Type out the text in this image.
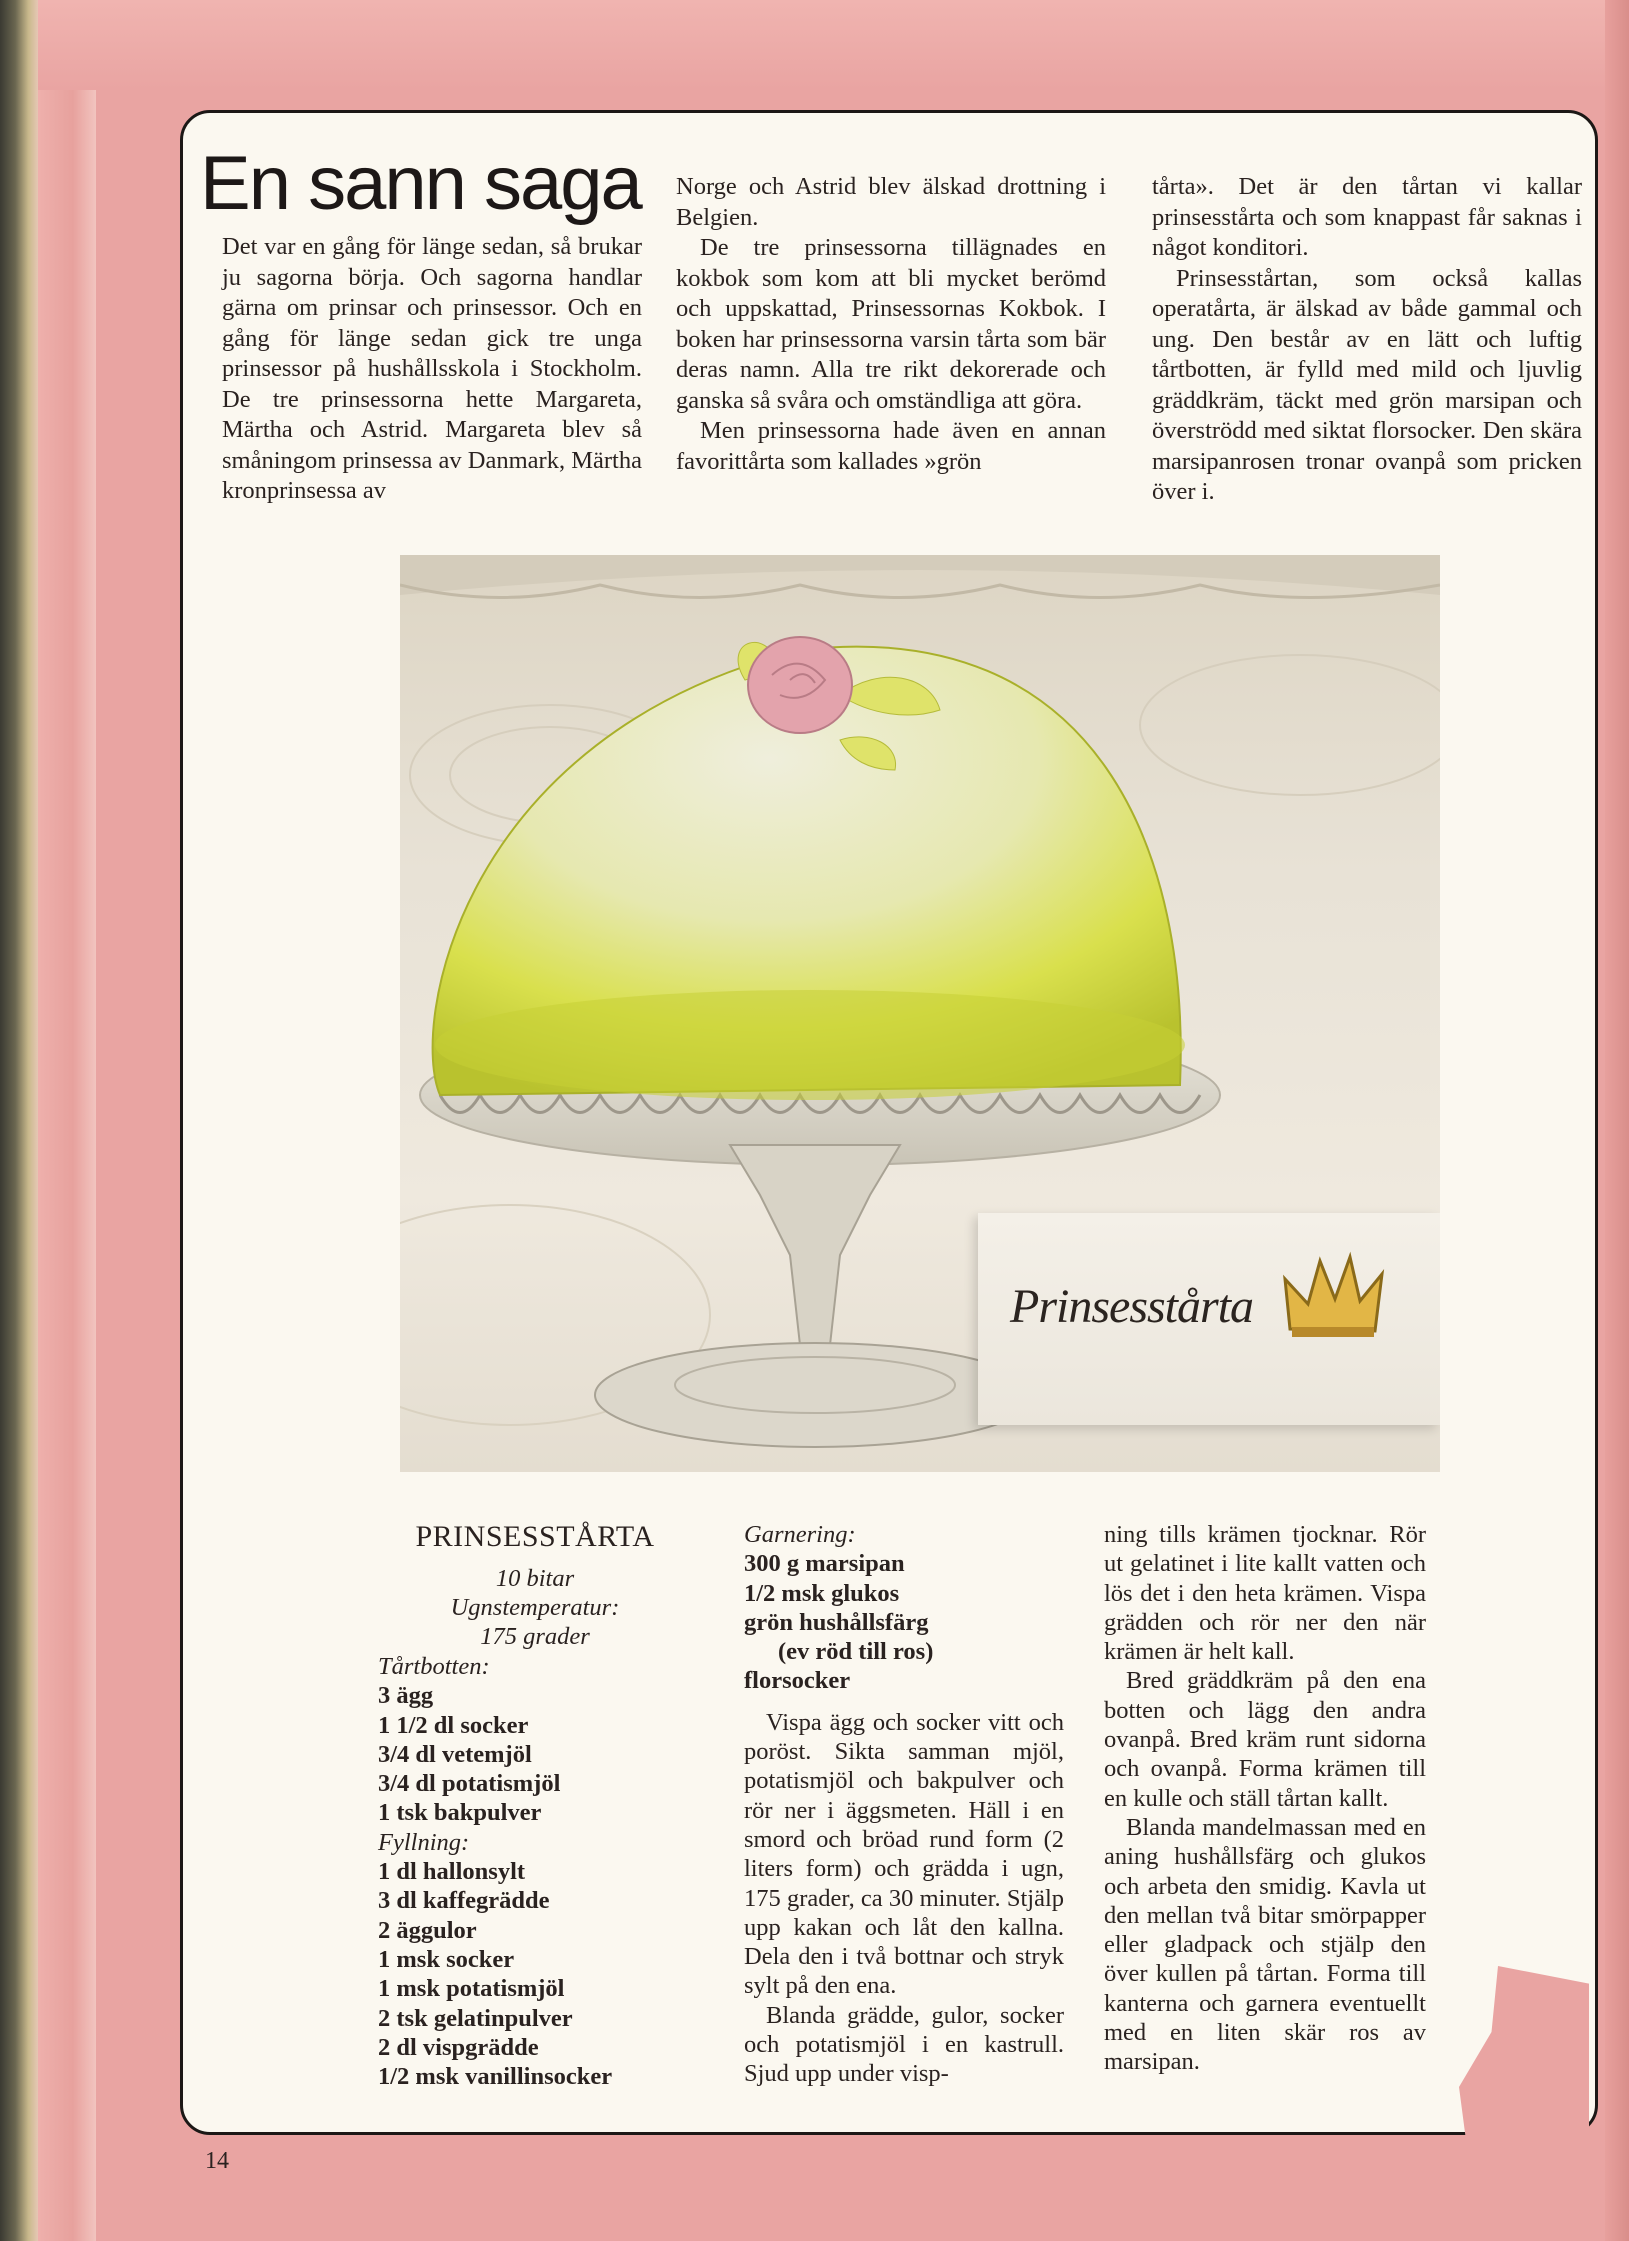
En sann saga

Det var en gång för länge sedan, så brukar ju sagorna börja. Och sagorna handlar gärna om prinsar och prinsessor. Och en gång för länge sedan gick tre unga prinsessor på hushållsskola i Stockholm. De tre prinsessorna hette Margareta, Märtha och Astrid. Margareta blev så småningom prinsessa av Danmark, Märtha kronprinsessa av

Norge och Astrid blev älskad drottning i Belgien.

De tre prinsessorna tillägnades en kokbok som kom att bli mycket berömd och uppskattad, Prinsessornas Kokbok. I boken har prinsessorna varsin tårta som bär deras namn. Alla tre rikt dekorerade och ganska så svåra och omständliga att göra.

Men prinsessorna hade även en annan favorittårta som kallades »grön

tårta». Det är den tårtan vi kallar prinsesstårta och som knappast får saknas i något konditori.

Prinsesstårtan, som också kallas operatårta, är älskad av både gammal och ung. Den består av en lätt och luftig tårtbotten, är fylld med mild och ljuvlig gräddkräm, täckt med grön marsipan och överströdd med siktat florsocker. Den skära marsipanrosen tronar ovanpå som pricken över i.

Prinsesstårta
PRINSESSTÅRTA

10 bitar

Ugnstemperatur:

175 grader

Tårtbotten:
3 ägg
1 1/2 dl socker
3/4 dl vetemjöl
3/4 dl potatismjöl
1 tsk bakpulver
Fyllning:
1 dl hallonsylt
3 dl kaffegrädde
2 äggulor
1 msk socker
1 msk potatismjöl
2 tsk gelatinpulver
2 dl vispgrädde
1/2 msk vanillinsocker
Garnering:
300 g marsipan
1/2 msk glukos
grön hushållsfärg
(ev röd till ros)
florsocker

Vispa ägg och socker vitt och poröst. Sikta samman mjöl, potatismjöl och bakpulver och rör ner i äggsmeten. Häll i en smord och bröad rund form (2 liters form) och grädda i ugn, 175 grader, ca 30 minuter. Stjälp upp kakan och låt den kallna. Dela den i två bottnar och stryk sylt på den ena.

Blanda grädde, gulor, socker och potatismjöl i en kastrull. Sjud upp under visp-

ning tills krämen tjocknar. Rör ut gelatinet i lite kallt vatten och lös det i den heta krämen. Vispa grädden och rör ner den när krämen är helt kall.

Bred gräddkräm på den ena botten och lägg den andra ovanpå. Bred kräm runt sidorna och ovanpå. Forma krämen till en kulle och ställ tårtan kallt.

Blanda mandelmassan med en aning hushållsfärg och glukos och arbeta den smidig. Kavla ut den mellan två bitar smörpapper eller gladpack och stjälp den över kullen på tårtan. Forma till kanterna och garnera eventuellt med en liten skär ros av marsipan.

14
